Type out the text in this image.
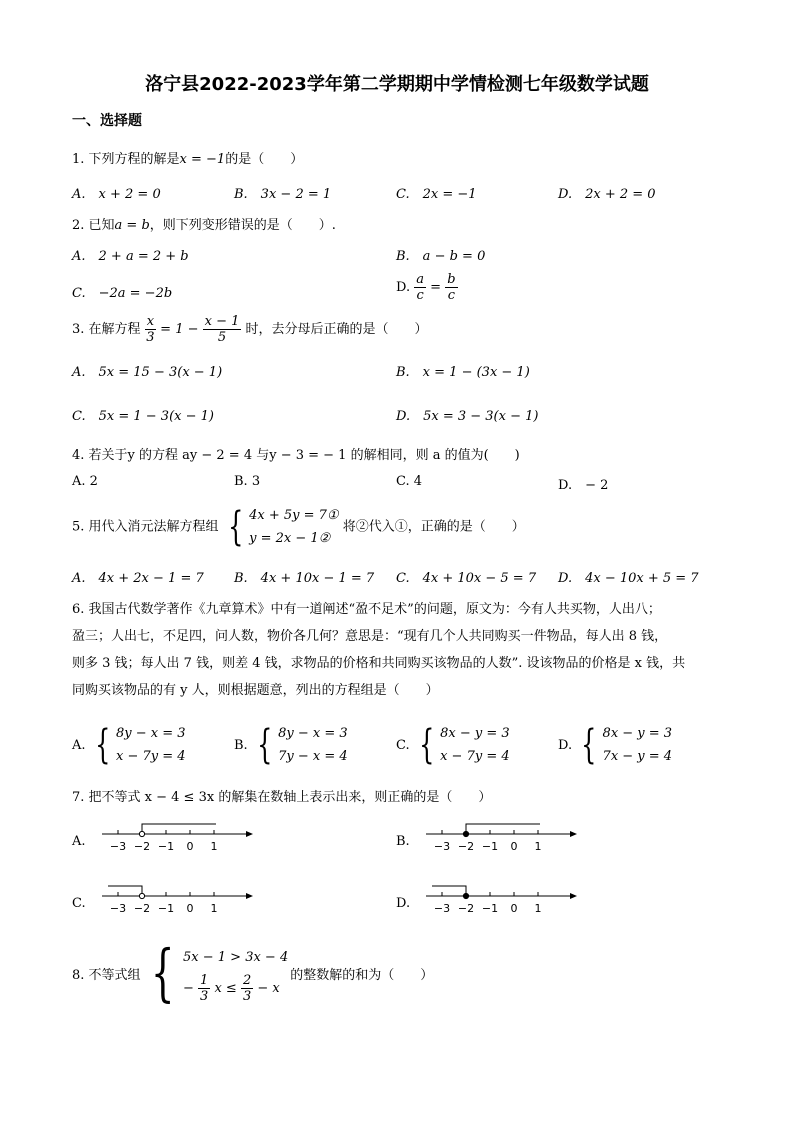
洛宁县2022-2023学年第二学期期中学情检测七年级数学试题
一、选择题
1. 下列方程的解是x = −1的是（　　）
A.　x + 2 = 0	B.　3x − 2 = 1	C.　2x = −1	D.　2x + 2 = 0
2. 已知a = b，则下列变形错误的是（　　）.
A.　2 + a = 2 + b	B.　a − b = 0
C.　−2a = −2b	D. $\frac{a}{c} = \frac{b}{c}$
3. 在解方程 $\frac{x}{3} = 1 - \frac{x - 1}{5}$ 时，去分母后正确的是（　　）
A.　5x = 15 − 3(x − 1)	B.　x = 1 − (3x − 1)
C.　5x = 1 − 3(x − 1)	D.　5x = 3 − 3(x − 1)
4. 若关于y 的方程 ay − 2 = 4 与y − 3 = − 1 的解相同，则 a 的值为(　　)
A. 2	B. 3	C. 4	D.　− 2
5. 用代入消元法解方程组 { 4x + 5y = 7①
y = 2x − 1②
将②代入①，正确的是（　　）
A.　4x + 2x − 1 = 7 B.　4x + 10x − 1 = 7 C.　4x + 10x − 5 = 7 D.　4x − 10x + 5 = 7
6. 我国古代数学著作《九章算术》中有一道阐述“盈不足术”的问题，原文为：今有人共买物，人出八；
盈三；人出七，不足四，问人数，物价各几何？意思是：“现有几个人共同购买一件物品，每人出 8 钱，
则多 3 钱；每人出 7 钱，则差 4 钱，求物品的价格和共同购买该物品的人数”. 设该物品的价格是 x 钱，共
同购买该物品的有 y 人，则根据题意，列出的方程组是（　　）
A. { 8y − x = 3
x − 7y = 4
B. { 8y − x = 3
7y − x = 4
C. { 8x − y = 3
x − 7y = 4
D. { 8x − y = 3
7x − y = 4
7. 把不等式 x − 4 ≤ 3x 的解集在数轴上表示出来，则正确的是（　　）
A. −3 −2 −1 0 1	B. −3 −2 −1 0 1
C. −3 −2 −1 0 1	D. −3 −2 −1 0 1
8. 不等式组 { 5x − 1 > 3x − 4
− $\frac{1}{3}$ $x \le \frac{2}{3} - x$
的整数解的和为（　　）
